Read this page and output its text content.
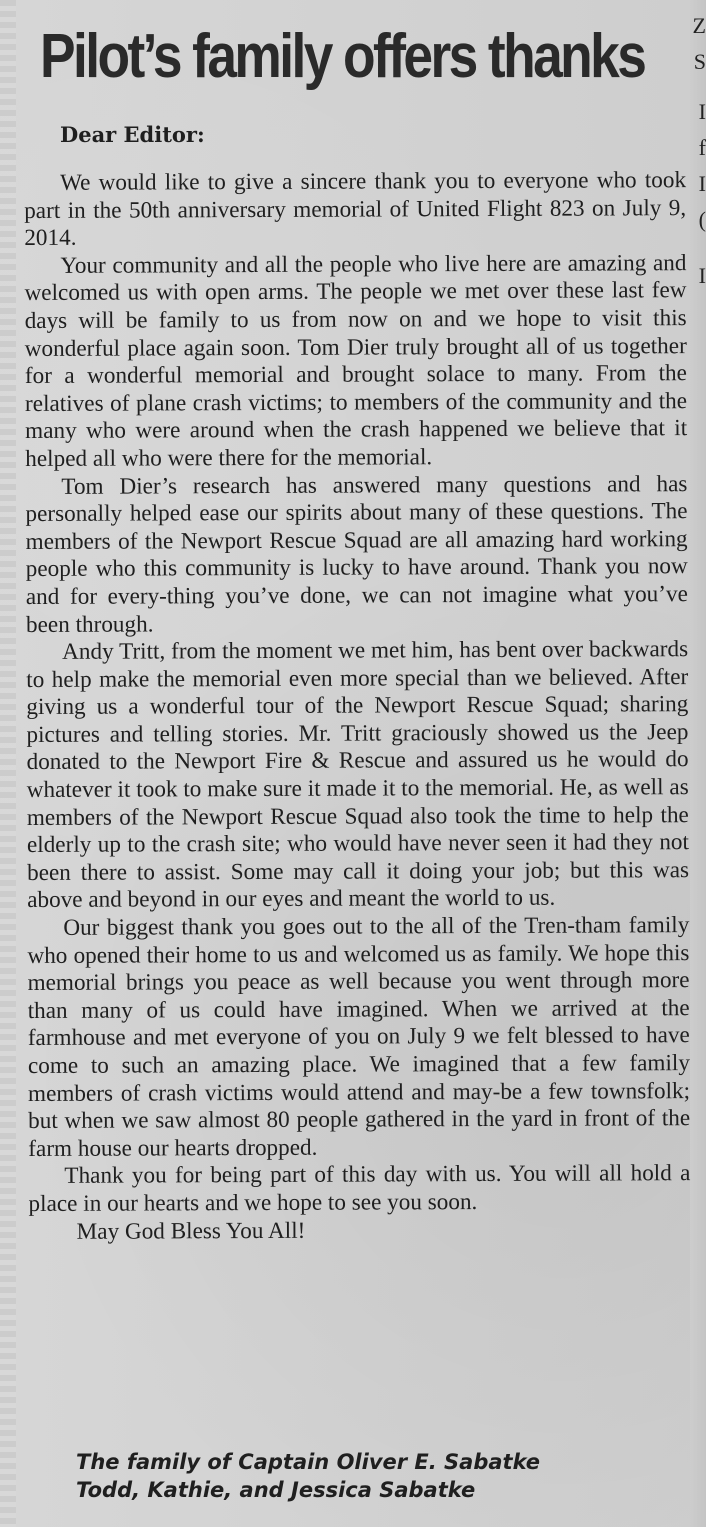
Z
S
I
f
I
(
I
Pilot’s family offers thanks
Dear Editor:

We would like to give a sincere thank you to everyone who took part in the 50th anniversary memorial of United Flight 823 on July 9, 2014.

Your community and all the people who live here are amazing and welcomed us with open arms. The people we met over these last few days will be family to us from now on and we hope to visit this wonderful place again soon. Tom Dier truly brought all of us together for a wonderful memorial and brought solace to many. From the relatives of plane crash victims; to members of the community and the many who were around when the crash happened we believe that it helped all who were there for the memorial.

Tom Dier’s research has answered many questions and has personally helped ease our spirits about many of these questions. The members of the Newport Rescue Squad are all amazing hard working people who this community is lucky to have around. Thank you now and for every-thing you’ve done, we can not imagine what you’ve been through.

Andy Tritt, from the moment we met him, has bent over backwards to help make the memorial even more special than we believed. After giving us a wonderful tour of the Newport Rescue Squad; sharing pictures and telling stories. Mr. Tritt graciously showed us the Jeep donated to the Newport Fire & Rescue and assured us he would do whatever it took to make sure it made it to the memorial. He, as well as members of the Newport Rescue Squad also took the time to help the elderly up to the crash site; who would have never seen it had they not been there to assist. Some may call it doing your job; but this was above and beyond in our eyes and meant the world to us.

Our biggest thank you goes out to the all of the Tren-tham family who opened their home to us and welcomed us as family. We hope this memorial brings you peace as well because you went through more than many of us could have imagined. When we arrived at the farmhouse and met everyone of you on July 9 we felt blessed to have come to such an amazing place. We imagined that a few family members of crash victims would attend and may-be a few townsfolk; but when we saw almost 80 people gathered in the yard in front of the farm house our hearts dropped.

Thank you for being part of this day with us. You will all hold a place in our hearts and we hope to see you soon.

May God Bless You All!

The family of Captain Oliver E. Sabatke
Todd, Kathie, and Jessica Sabatke
